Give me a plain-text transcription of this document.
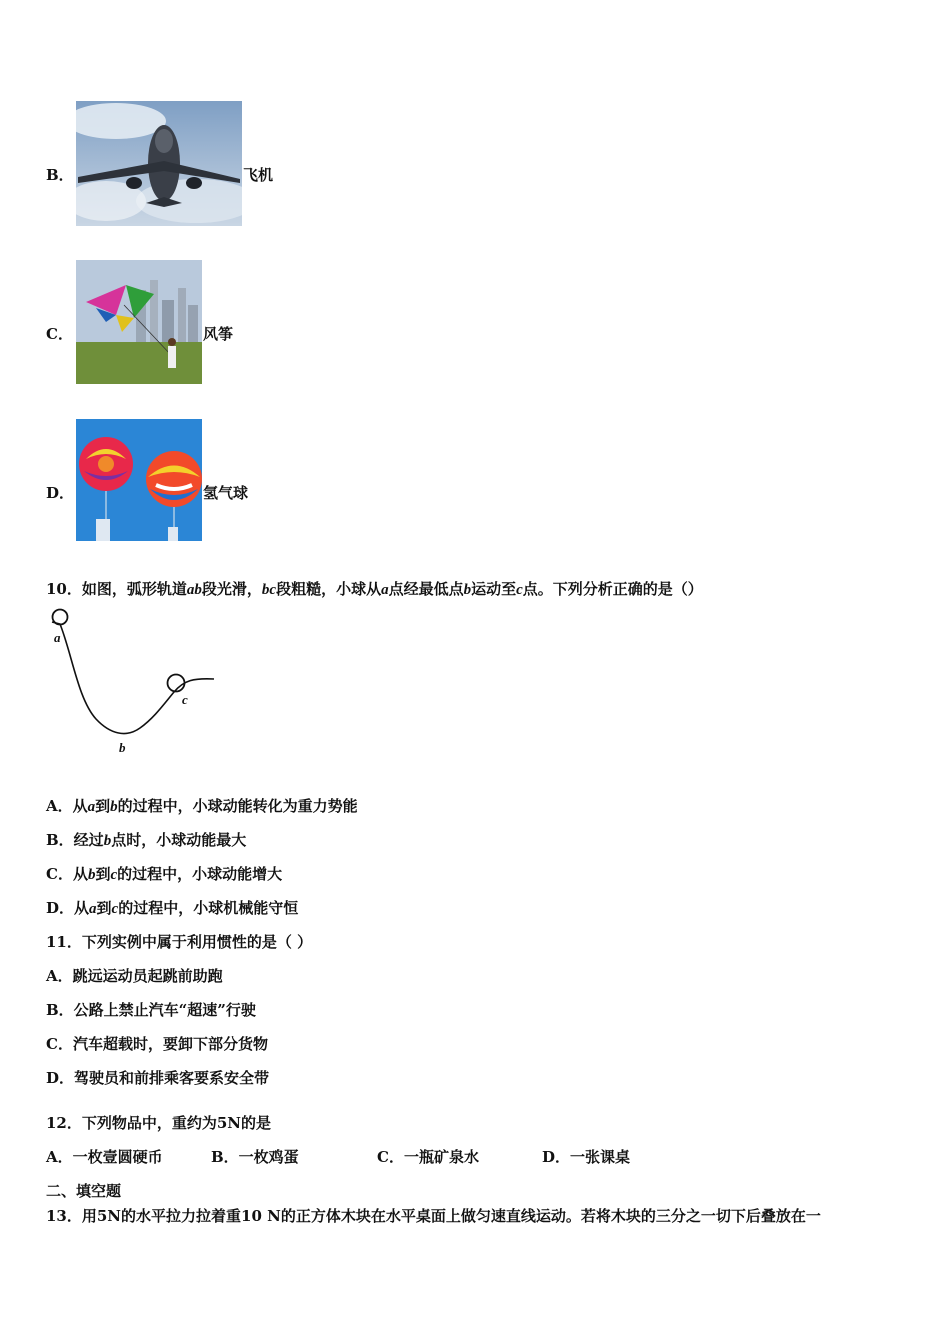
B．	飞机
C．	风筝
D．	氢气球
10．如图，弧形轨道ab段光滑，bc段粗糙，小球从a点经最低点b运动至c点。下列分析正确的是（）
a
b
c
A．从a到b的过程中，小球动能转化为重力势能
B．经过b点时，小球动能最大
C．从b到c的过程中，小球动能增大
D．从a到c的过程中，小球机械能守恒
11．下列实例中属于利用惯性的是（ ）
A．跳远运动员起跳前助跑
B．公路上禁止汽车“超速”行驶
C．汽车超载时，要卸下部分货物
D．驾驶员和前排乘客要系安全带
12．下列物品中，重约为5N的是
A．一枚壹圆硬币	B．一枚鸡蛋	C．一瓶矿泉水	D．一张课桌
二、填空题
13．用5N的水平拉力拉着重10 N的正方体木块在水平桌面上做匀速直线运动。若将木块的三分之一切下后叠放在一
